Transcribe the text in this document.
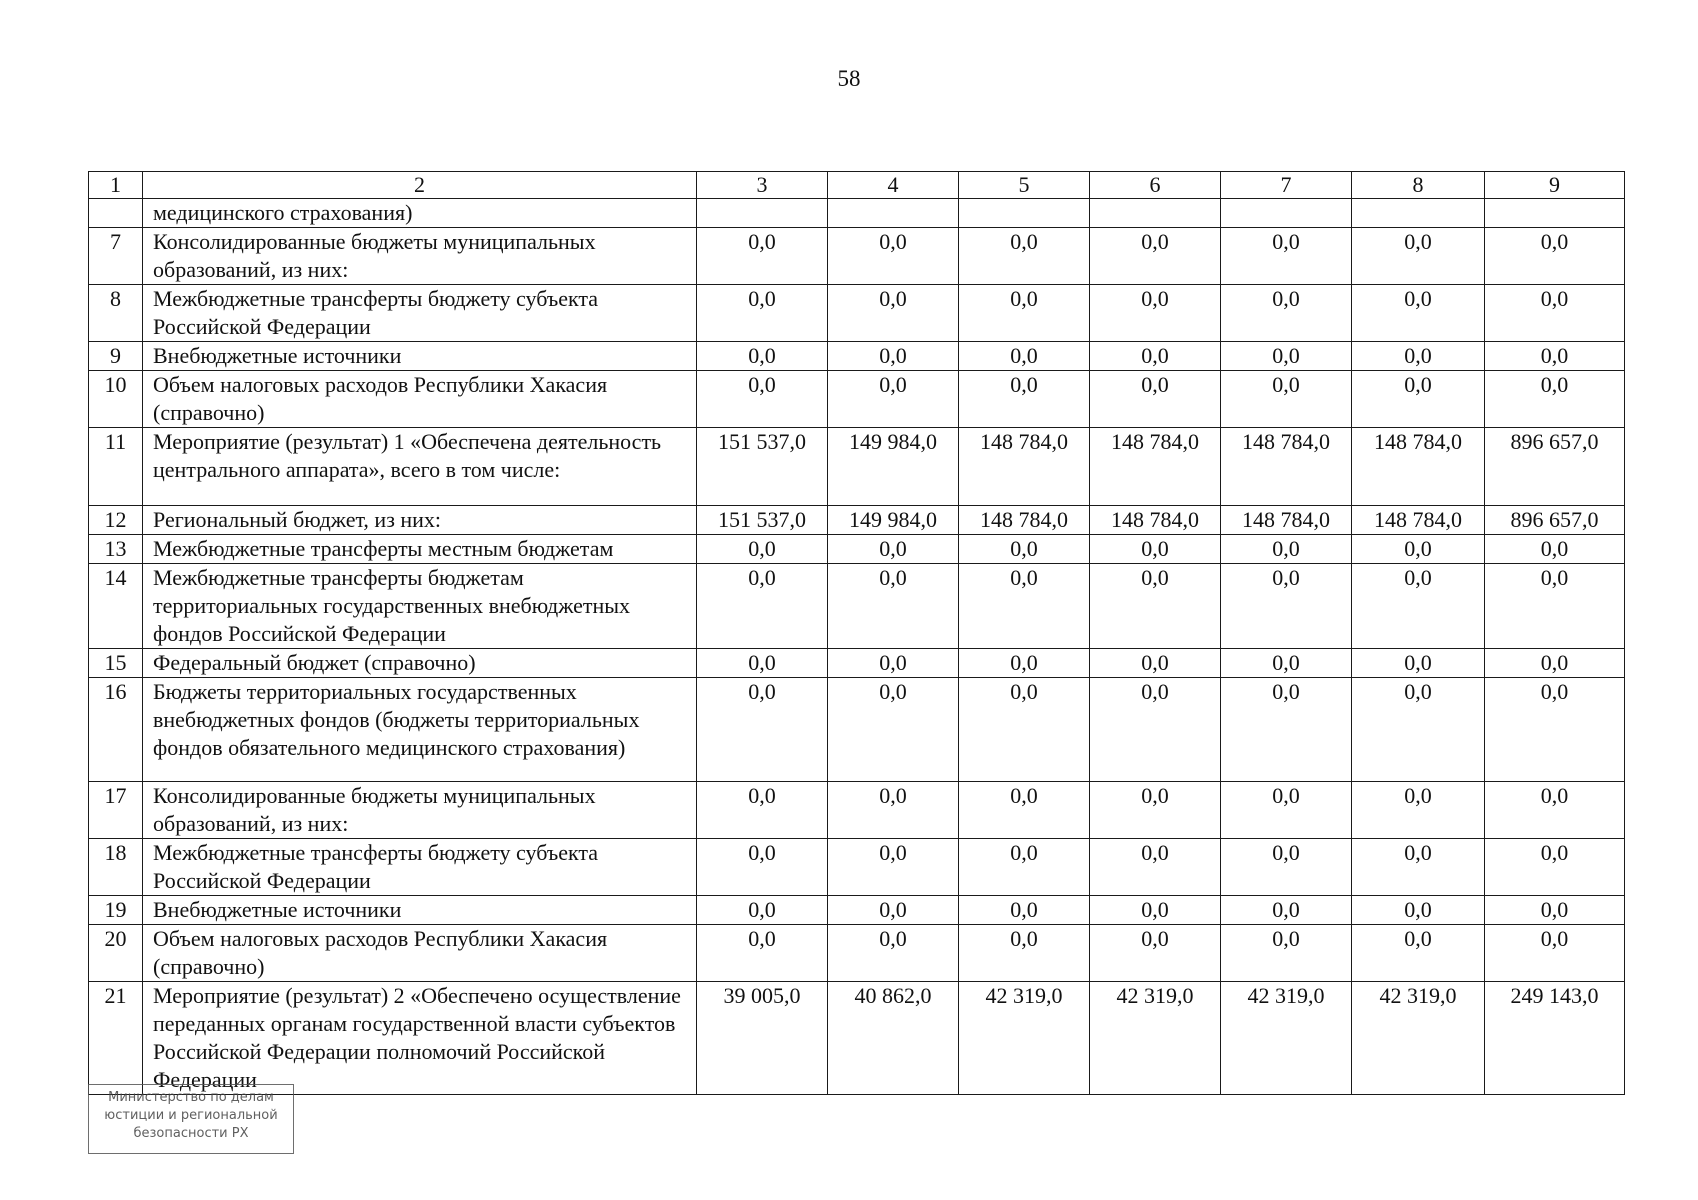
58
1	2	3	4	5	6	7	8	9
	медицинского страхования)							
7	Консолидированные бюджеты муниципальных образований, из них:	0,0	0,0	0,0	0,0	0,0	0,0	0,0
8	Межбюджетные трансферты бюджету субъекта Российской Федерации	0,0	0,0	0,0	0,0	0,0	0,0	0,0
9	Внебюджетные источники	0,0	0,0	0,0	0,0	0,0	0,0	0,0
10	Объем налоговых расходов Республики Хакасия (справочно)	0,0	0,0	0,0	0,0	0,0	0,0	0,0
11	Мероприятие (результат) 1 «Обеспечена деятельность центрального аппарата», всего в том числе:	151 537,0	149 984,0	148 784,0	148 784,0	148 784,0	148 784,0	896 657,0
12	Региональный бюджет, из них:	151 537,0	149 984,0	148 784,0	148 784,0	148 784,0	148 784,0	896 657,0
13	Межбюджетные трансферты местным бюджетам	0,0	0,0	0,0	0,0	0,0	0,0	0,0
14	Межбюджетные трансферты бюджетам территориальных государственных внебюджетных фондов Российской Федерации	0,0	0,0	0,0	0,0	0,0	0,0	0,0
15	Федеральный бюджет (справочно)	0,0	0,0	0,0	0,0	0,0	0,0	0,0
16	Бюджеты территориальных государственных внебюджетных фондов (бюджеты территориальных фондов обязательного медицинского страхования)	0,0	0,0	0,0	0,0	0,0	0,0	0,0
17	Консолидированные бюджеты муниципальных образований, из них:	0,0	0,0	0,0	0,0	0,0	0,0	0,0
18	Межбюджетные трансферты бюджету субъекта Российской Федерации	0,0	0,0	0,0	0,0	0,0	0,0	0,0
19	Внебюджетные источники	0,0	0,0	0,0	0,0	0,0	0,0	0,0
20	Объем налоговых расходов Республики Хакасия (справочно)	0,0	0,0	0,0	0,0	0,0	0,0	0,0
21	Мероприятие (результат) 2 «Обеспечено осуществление переданных органам государственной власти субъектов Российской Федерации полномочий Российской Федерации	39 005,0	40 862,0	42 319,0	42 319,0	42 319,0	42 319,0	249 143,0
Министерство по делам
юстиции и региональной
безопасности РХ
